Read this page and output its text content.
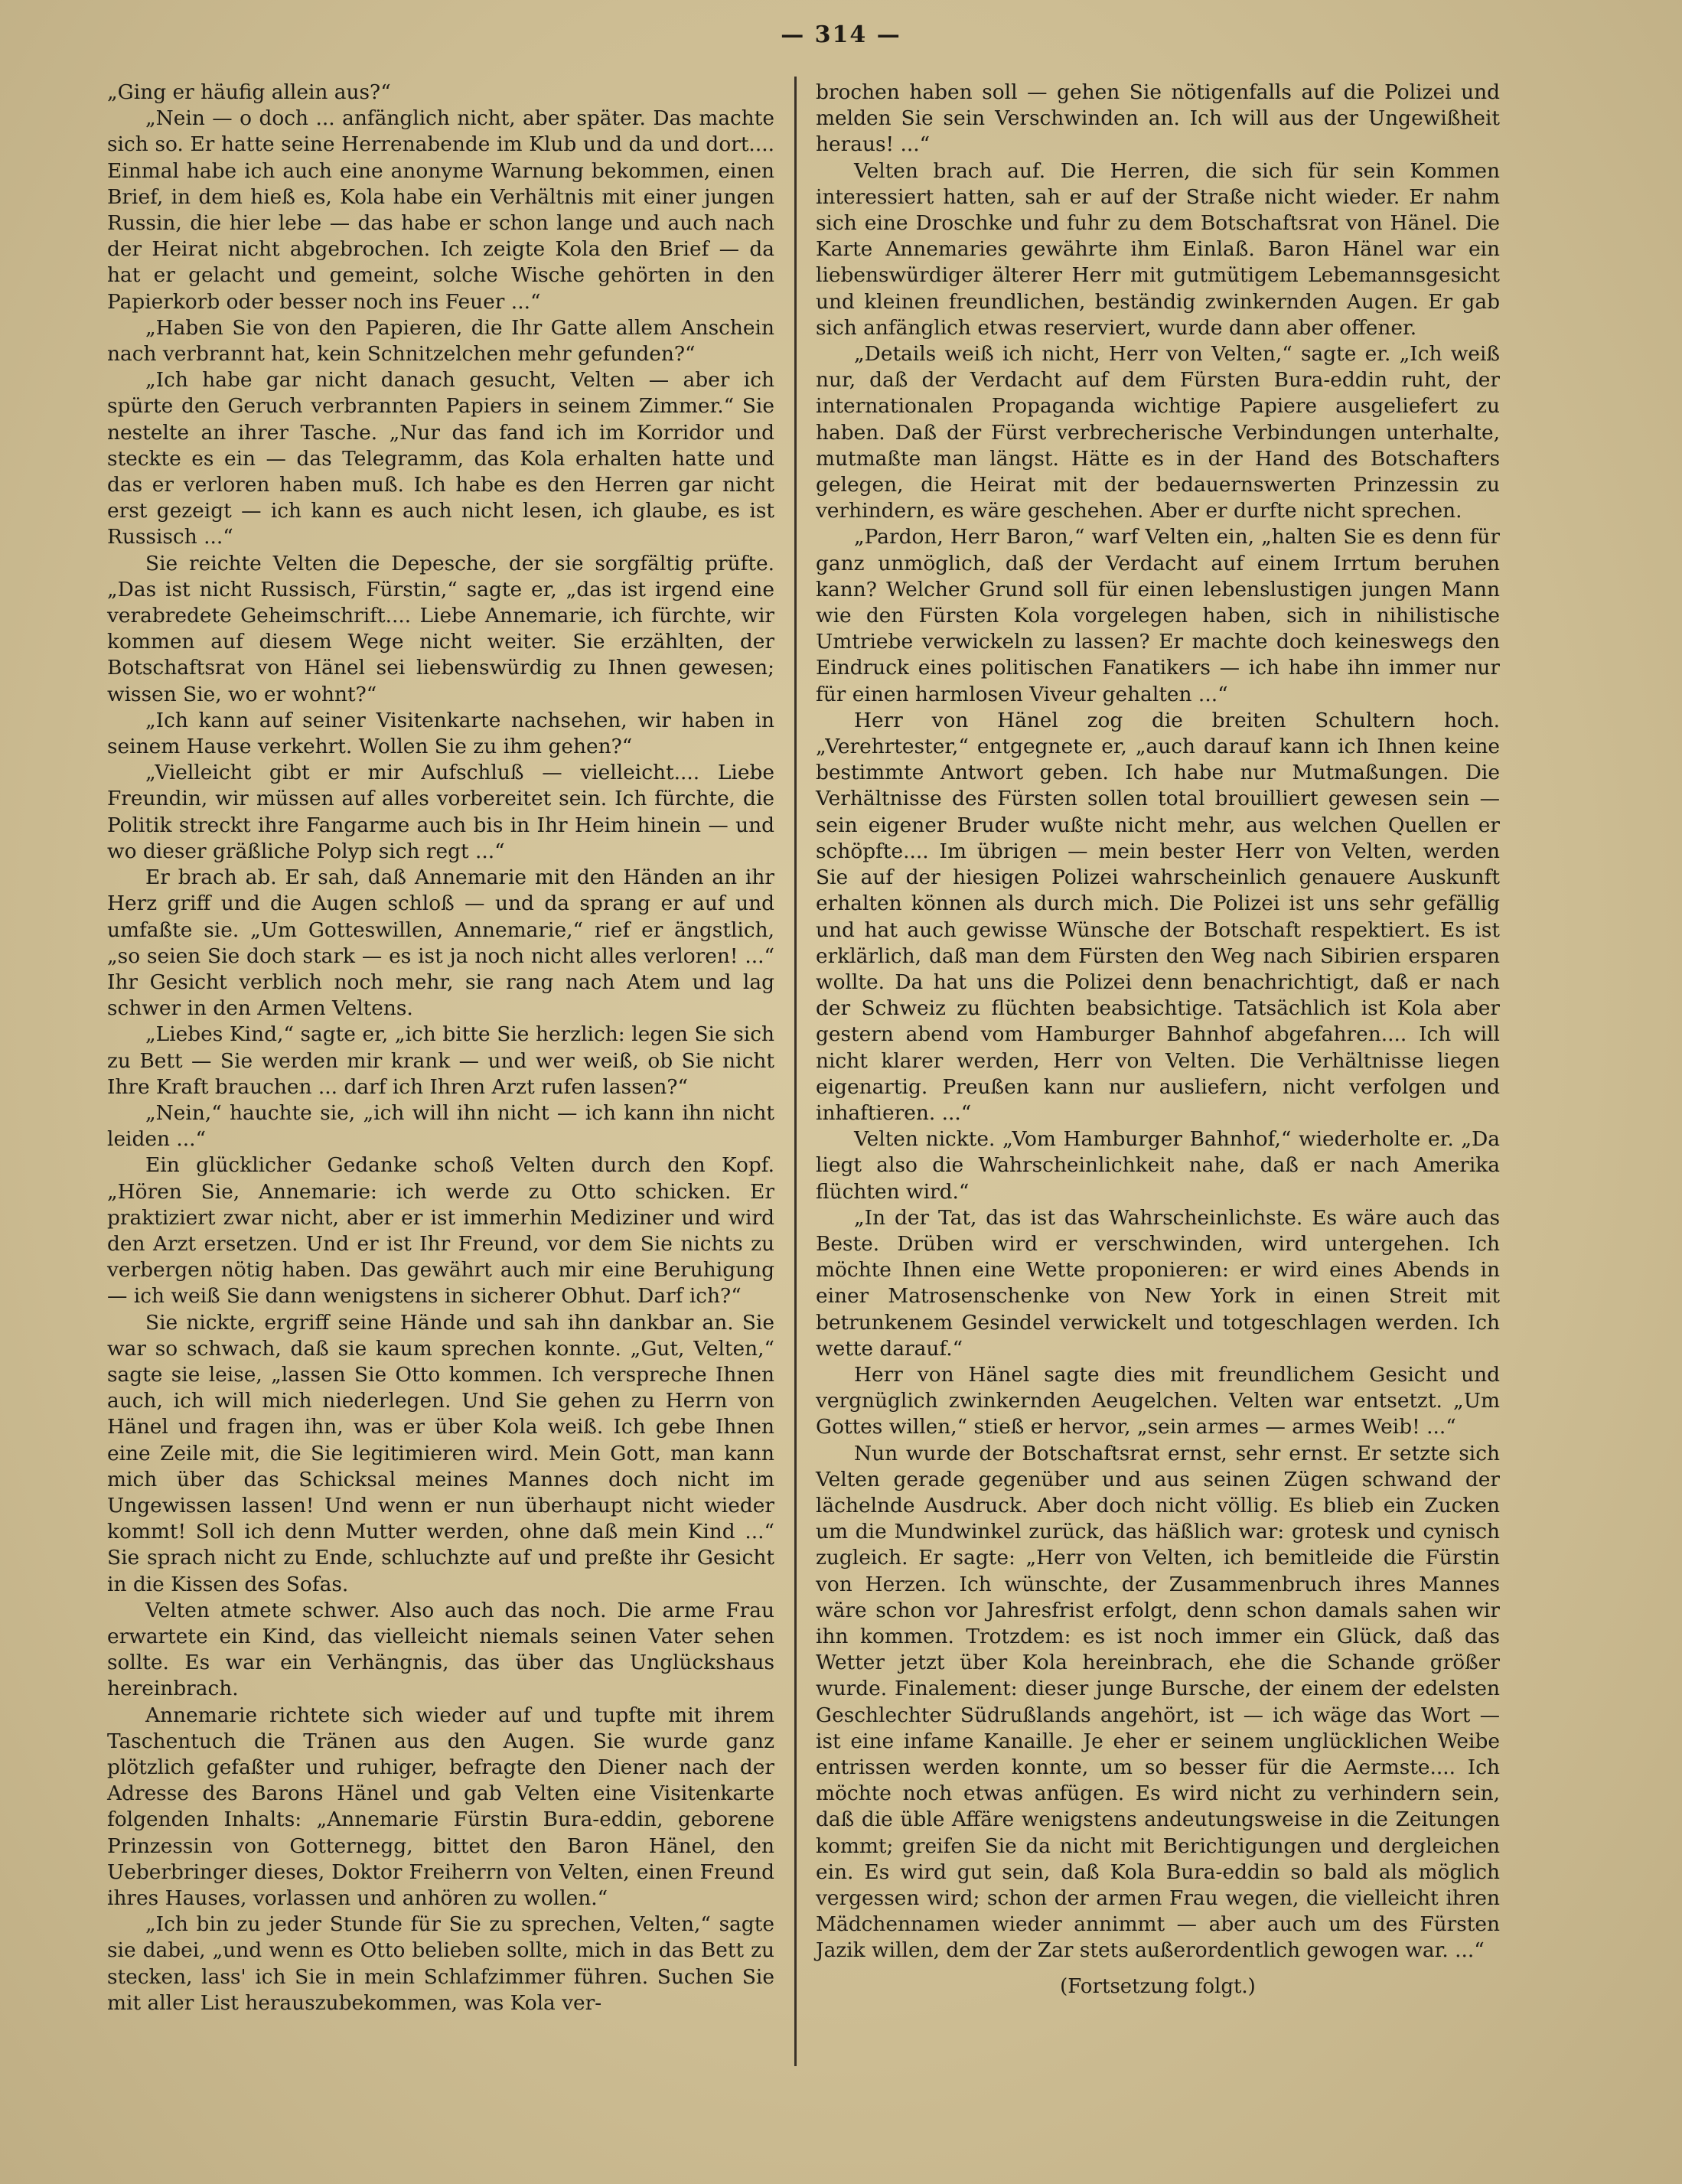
— 314 —

„Ging er häufig allein aus?“

„Nein — o doch ... anfänglich nicht, aber später. Das machte sich so. Er hatte seine Herrenabende im Klub und da und dort.... Einmal habe ich auch eine anonyme Warnung bekommen, einen Brief, in dem hieß es, Kola habe ein Verhältnis mit einer jungen Russin, die hier lebe — das habe er schon lange und auch nach der Heirat nicht abgebrochen. Ich zeigte Kola den Brief — da hat er gelacht und gemeint, solche Wische gehörten in den Papierkorb oder besser noch ins Feuer ...“

„Haben Sie von den Papieren, die Ihr Gatte allem Anschein nach verbrannt hat, kein Schnitzelchen mehr gefunden?“

„Ich habe gar nicht danach gesucht, Velten — aber ich spürte den Geruch verbrannten Papiers in seinem Zimmer.“ Sie nestelte an ihrer Tasche. „Nur das fand ich im Korridor und steckte es ein — das Telegramm, das Kola erhalten hatte und das er verloren haben muß. Ich habe es den Herren gar nicht erst gezeigt — ich kann es auch nicht lesen, ich glaube, es ist Russisch ...“

Sie reichte Velten die Depesche, der sie sorgfältig prüfte. „Das ist nicht Russisch, Fürstin,“ sagte er, „das ist irgend eine verabredete Geheimschrift.... Liebe Annemarie, ich fürchte, wir kommen auf diesem Wege nicht weiter. Sie erzählten, der Botschaftsrat von Hänel sei liebenswürdig zu Ihnen gewesen; wissen Sie, wo er wohnt?“

„Ich kann auf seiner Visitenkarte nachsehen, wir haben in seinem Hause verkehrt. Wollen Sie zu ihm gehen?“

„Vielleicht gibt er mir Aufschluß — vielleicht.... Liebe Freundin, wir müssen auf alles vorbereitet sein. Ich fürchte, die Politik streckt ihre Fangarme auch bis in Ihr Heim hinein — und wo dieser gräßliche Polyp sich regt ...“

Er brach ab. Er sah, daß Annemarie mit den Händen an ihr Herz griff und die Augen schloß — und da sprang er auf und umfaßte sie. „Um Gotteswillen, Annemarie,“ rief er ängstlich, „so seien Sie doch stark — es ist ja noch nicht alles verloren! ...“ Ihr Gesicht verblich noch mehr, sie rang nach Atem und lag schwer in den Armen Veltens.

„Liebes Kind,“ sagte er, „ich bitte Sie herzlich: legen Sie sich zu Bett — Sie werden mir krank — und wer weiß, ob Sie nicht Ihre Kraft brauchen ... darf ich Ihren Arzt rufen lassen?“

„Nein,“ hauchte sie, „ich will ihn nicht — ich kann ihn nicht leiden ...“

Ein glücklicher Gedanke schoß Velten durch den Kopf. „Hören Sie, Annemarie: ich werde zu Otto schicken. Er praktiziert zwar nicht, aber er ist immerhin Mediziner und wird den Arzt ersetzen. Und er ist Ihr Freund, vor dem Sie nichts zu verbergen nötig haben. Das gewährt auch mir eine Beruhigung — ich weiß Sie dann wenigstens in sicherer Obhut. Darf ich?“

Sie nickte, ergriff seine Hände und sah ihn dankbar an. Sie war so schwach, daß sie kaum sprechen konnte. „Gut, Velten,“ sagte sie leise, „lassen Sie Otto kommen. Ich verspreche Ihnen auch, ich will mich niederlegen. Und Sie gehen zu Herrn von Hänel und fragen ihn, was er über Kola weiß. Ich gebe Ihnen eine Zeile mit, die Sie legitimieren wird. Mein Gott, man kann mich über das Schicksal meines Mannes doch nicht im Ungewissen lassen! Und wenn er nun überhaupt nicht wieder kommt! Soll ich denn Mutter werden, ohne daß mein Kind ...“ Sie sprach nicht zu Ende, schluchzte auf und preßte ihr Gesicht in die Kissen des Sofas.

Velten atmete schwer. Also auch das noch. Die arme Frau erwartete ein Kind, das vielleicht niemals seinen Vater sehen sollte. Es war ein Verhängnis, das über das Unglückshaus hereinbrach.

Annemarie richtete sich wieder auf und tupfte mit ihrem Taschentuch die Tränen aus den Augen. Sie wurde ganz plötzlich gefaßter und ruhiger, befragte den Diener nach der Adresse des Barons Hänel und gab Velten eine Visitenkarte folgenden Inhalts: „Annemarie Fürstin Bura-eddin, geborene Prinzessin von Gotternegg, bittet den Baron Hänel, den Ueberbringer dieses, Doktor Freiherrn von Velten, einen Freund ihres Hauses, vorlassen und anhören zu wollen.“

„Ich bin zu jeder Stunde für Sie zu sprechen, Velten,“ sagte sie dabei, „und wenn es Otto belieben sollte, mich in das Bett zu stecken, lass' ich Sie in mein Schlafzimmer führen. Suchen Sie mit aller List herauszubekommen, was Kola ver-

brochen haben soll — gehen Sie nötigenfalls auf die Polizei und melden Sie sein Verschwinden an. Ich will aus der Ungewißheit heraus! ...“

Velten brach auf. Die Herren, die sich für sein Kommen interessiert hatten, sah er auf der Straße nicht wieder. Er nahm sich eine Droschke und fuhr zu dem Botschaftsrat von Hänel. Die Karte Annemaries gewährte ihm Einlaß. Baron Hänel war ein liebenswürdiger älterer Herr mit gutmütigem Lebemannsgesicht und kleinen freundlichen, beständig zwinkernden Augen. Er gab sich anfänglich etwas reserviert, wurde dann aber offener.

„Details weiß ich nicht, Herr von Velten,“ sagte er. „Ich weiß nur, daß der Verdacht auf dem Fürsten Bura-eddin ruht, der internationalen Propaganda wichtige Papiere ausgeliefert zu haben. Daß der Fürst verbrecherische Verbindungen unterhalte, mutmaßte man längst. Hätte es in der Hand des Botschafters gelegen, die Heirat mit der bedauernswerten Prinzessin zu verhindern, es wäre geschehen. Aber er durfte nicht sprechen.

„Pardon, Herr Baron,“ warf Velten ein, „halten Sie es denn für ganz unmöglich, daß der Verdacht auf einem Irrtum beruhen kann? Welcher Grund soll für einen lebenslustigen jungen Mann wie den Fürsten Kola vorgelegen haben, sich in nihilistische Umtriebe verwickeln zu lassen? Er machte doch keineswegs den Eindruck eines politischen Fanatikers — ich habe ihn immer nur für einen harmlosen Viveur gehalten ...“

Herr von Hänel zog die breiten Schultern hoch. „Verehrtester,“ entgegnete er, „auch darauf kann ich Ihnen keine bestimmte Antwort geben. Ich habe nur Mutmaßungen. Die Verhältnisse des Fürsten sollen total brouilliert gewesen sein — sein eigener Bruder wußte nicht mehr, aus welchen Quellen er schöpfte.... Im übrigen — mein bester Herr von Velten, werden Sie auf der hiesigen Polizei wahrscheinlich genauere Auskunft erhalten können als durch mich. Die Polizei ist uns sehr gefällig und hat auch gewisse Wünsche der Botschaft respektiert. Es ist erklärlich, daß man dem Fürsten den Weg nach Sibirien ersparen wollte. Da hat uns die Polizei denn benachrichtigt, daß er nach der Schweiz zu flüchten beabsichtige. Tatsächlich ist Kola aber gestern abend vom Hamburger Bahnhof abgefahren.... Ich will nicht klarer werden, Herr von Velten. Die Verhältnisse liegen eigenartig. Preußen kann nur ausliefern, nicht verfolgen und inhaftieren. ...“

Velten nickte. „Vom Hamburger Bahnhof,“ wiederholte er. „Da liegt also die Wahrscheinlichkeit nahe, daß er nach Amerika flüchten wird.“

„In der Tat, das ist das Wahrscheinlichste. Es wäre auch das Beste. Drüben wird er verschwinden, wird untergehen. Ich möchte Ihnen eine Wette proponieren: er wird eines Abends in einer Matrosenschenke von New York in einen Streit mit betrunkenem Gesindel verwickelt und totgeschlagen werden. Ich wette darauf.“

Herr von Hänel sagte dies mit freundlichem Gesicht und vergnüglich zwinkernden Aeugelchen. Velten war entsetzt. „Um Gottes willen,“ stieß er hervor, „sein armes — armes Weib! ...“

Nun wurde der Botschaftsrat ernst, sehr ernst. Er setzte sich Velten gerade gegenüber und aus seinen Zügen schwand der lächelnde Ausdruck. Aber doch nicht völlig. Es blieb ein Zucken um die Mundwinkel zurück, das häßlich war: grotesk und cynisch zugleich. Er sagte: „Herr von Velten, ich bemitleide die Fürstin von Herzen. Ich wünschte, der Zusammenbruch ihres Mannes wäre schon vor Jahresfrist erfolgt, denn schon damals sahen wir ihn kommen. Trotzdem: es ist noch immer ein Glück, daß das Wetter jetzt über Kola hereinbrach, ehe die Schande größer wurde. Finalement: dieser junge Bursche, der einem der edelsten Geschlechter Südrußlands angehört, ist — ich wäge das Wort — ist eine infame Kanaille. Je eher er seinem unglücklichen Weibe entrissen werden konnte, um so besser für die Aermste.... Ich möchte noch etwas anfügen. Es wird nicht zu verhindern sein, daß die üble Affäre wenigstens andeutungsweise in die Zeitungen kommt; greifen Sie da nicht mit Berichtigungen und dergleichen ein. Es wird gut sein, daß Kola Bura-eddin so bald als möglich vergessen wird; schon der armen Frau wegen, die vielleicht ihren Mädchennamen wieder annimmt — aber auch um des Fürsten Jazik willen, dem der Zar stets außerordentlich gewogen war. ...“

(Fortsetzung folgt.)
